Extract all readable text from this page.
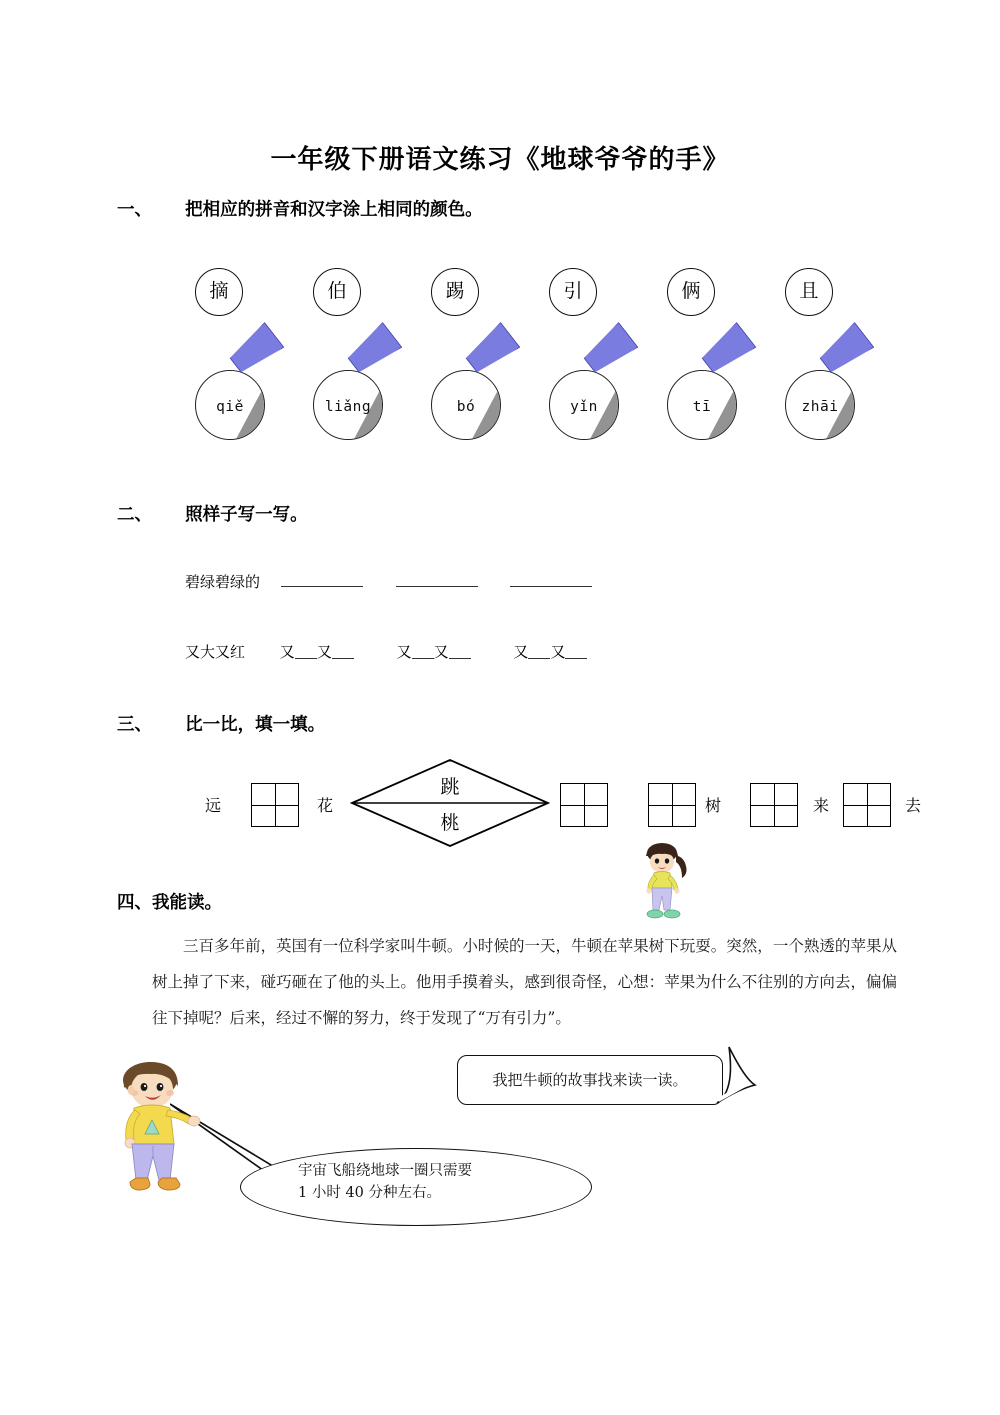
一年级下册语文练习《地球爷爷的手》
一、 把相应的拼音和汉字涂上相同的颜色。
摘	伯	踢	引	俩	且
qiě	liǎng	bó	yǐn	tī	zhāi
二、 照样子写一写。
碧绿碧绿的
又大又红 又 又	又 又	又 又
三、 比一比，填一填。
远	花
跳
桃
树	来	去
四、我能读。

三百多年前，英国有一位科学家叫牛顿。小时候的一天，牛顿在苹果树下玩耍。突然，一个熟透的苹果从树上掉了下来，碰巧砸在了他的头上。他用手摸着头，感到很奇怪，心想：苹果为什么不往别的方向去，偏偏往下掉呢？后来，经过不懈的努力，终于发现了“万有引力”。

我把牛顿的故事找来读一读。
宇宙飞船绕地球一圈只需要
1 小时 40 分种左右。
